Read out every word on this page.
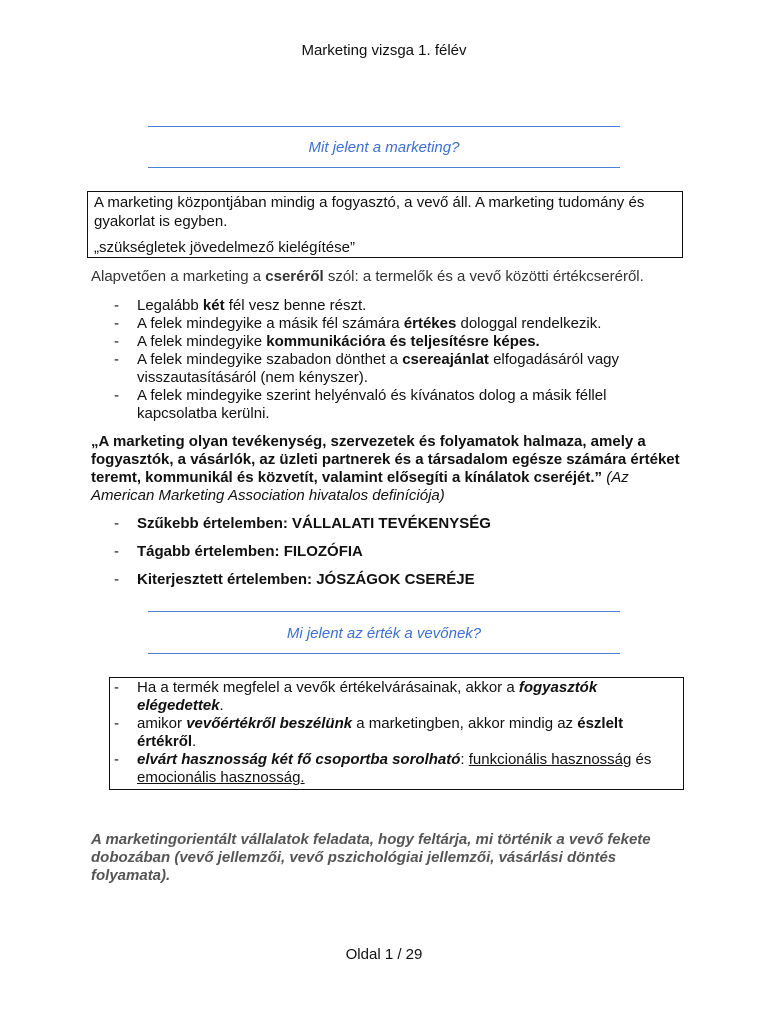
Marketing vizsga 1. félév
Mit jelent a marketing?

A marketing központjában mindig a fogyasztó, a vevő áll. A marketing tudomány és gyakorlat is egyben.

„szükségletek jövedelmező kielégítése”

Alapvetően a marketing a cseréről szól: a termelők és a vevő közötti értékcseréről.
- Legalább két fél vesz benne részt.
- A felek mindegyike a másik fél számára értékes dologgal rendelkezik.
- A felek mindegyike kommunikációra és teljesítésre képes.
- A felek mindegyike szabadon dönthet a csereajánlat elfogadásáról vagy visszautasításáról (nem kényszer).
- A felek mindegyike szerint helyénvaló és kívánatos dolog a másik féllel kapcsolatba kerülni.
„A marketing olyan tevékenység, szervezetek és folyamatok halmaza, amely a fogyasztók, a vásárlók, az üzleti partnerek és a társadalom egésze számára értéket teremt, kommunikál és közvetít, valamint elősegíti a kínálatok cseréjét.” (Az American Marketing Association hivatalos definíciója)
- Szűkebb értelemben: VÁLLALATI TEVÉKENYSÉG
- Tágabb értelemben: FILOZÓFIA
- Kiterjesztett értelemben: JÓSZÁGOK CSERÉJE
Mi jelent az érték a vevőnek?
- Ha a termék megfelel a vevők értékelvárásainak, akkor a fogyasztók elégedettek.
- amikor vevőértékről beszélünk a marketingben, akkor mindig az észlelt értékről.
- elvárt hasznosság két fő csoportba sorolható: funkcionális hasznosság és emocionális hasznosság.
A marketingorientált vállalatok feladata, hogy feltárja, mi történik a vevő fekete dobozában (vevő jellemzői, vevő pszichológiai jellemzői, vásárlási döntés folyamata).
Oldal 1 / 29
